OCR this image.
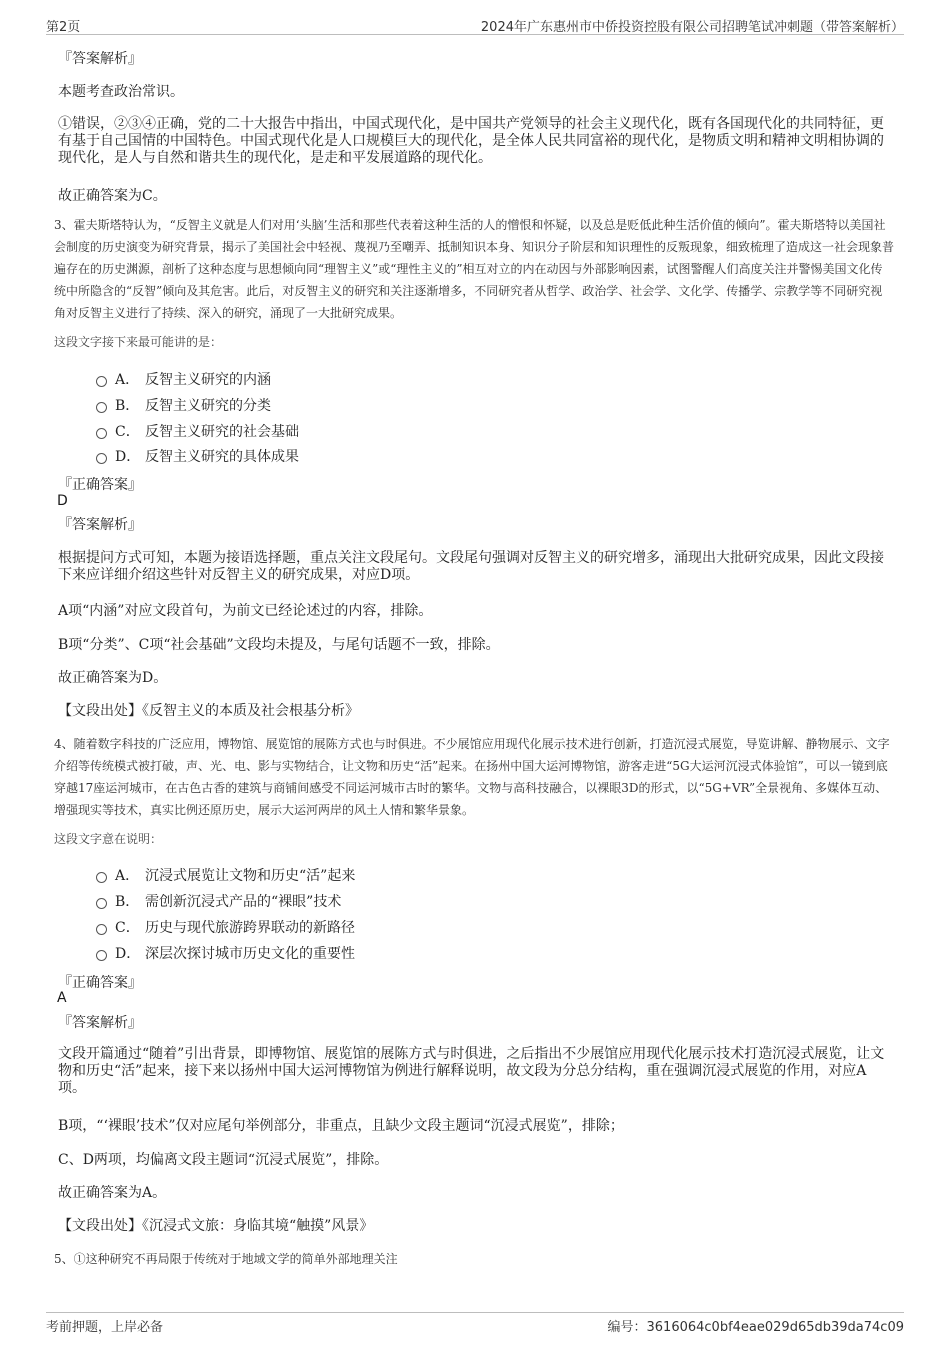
第2页	2024年广东惠州市中侨投资控股有限公司招聘笔试冲刺题（带答案解析）
『答案解析』
本题考查政治常识。
①错误，②③④正确，党的二十大报告中指出，中国式现代化，是中国共产党领导的社会主义现代化，既有各国现代化的共同特征，更有基于自己国情的中国特色。中国式现代化是人口规模巨大的现代化，是全体人民共同富裕的现代化，是物质文明和精神文明相协调的现代化，是人与自然和谐共生的现代化，是走和平发展道路的现代化。
故正确答案为C。
3、霍夫斯塔特认为，“反智主义就是人们对用‘头脑’生活和那些代表着这种生活的人的憎恨和怀疑，以及总是贬低此种生活价值的倾向”。霍夫斯塔特以美国社会制度的历史演变为研究背景，揭示了美国社会中轻视、蔑视乃至嘲弄、抵制知识本身、知识分子阶层和知识理性的反叛现象，细致梳理了造成这一社会现象普遍存在的历史渊源，剖析了这种态度与思想倾向同“理智主义”或“理性主义的”相互对立的内在动因与外部影响因素，试图警醒人们高度关注并警惕美国文化传统中所隐含的“反智”倾向及其危害。此后，对反智主义的研究和关注逐渐增多，不同研究者从哲学、政治学、社会学、文化学、传播学、宗教学等不同研究视角对反智主义进行了持续、深入的研究，涌现了一大批研究成果。
这段文字接下来最可能讲的是：
A． 反智主义研究的内涵
B． 反智主义研究的分类
C． 反智主义研究的社会基础
D． 反智主义研究的具体成果
『正确答案』
D
『答案解析』
根据提问方式可知，本题为接语选择题，重点关注文段尾句。文段尾句强调对反智主义的研究增多，涌现出大批研究成果，因此文段接下来应详细介绍这些针对反智主义的研究成果，对应D项。
A项“内涵”对应文段首句，为前文已经论述过的内容，排除。
B项“分类”、C项“社会基础”文段均未提及，与尾句话题不一致，排除。
故正确答案为D。
【文段出处】《反智主义的本质及社会根基分析》
4、随着数字科技的广泛应用，博物馆、展览馆的展陈方式也与时俱进。不少展馆应用现代化展示技术进行创新，打造沉浸式展览，导览讲解、静物展示、文字介绍等传统模式被打破，声、光、电、影与实物结合，让文物和历史“活”起来。在扬州中国大运河博物馆，游客走进“5G大运河沉浸式体验馆”，可以一镜到底穿越17座运河城市，在古色古香的建筑与商铺间感受不同运河城市古时的繁华。文物与高科技融合，以裸眼3D的形式，以“5G+VR”全景视角、多媒体互动、增强现实等技术，真实比例还原历史，展示大运河两岸的风土人情和繁华景象。
这段文字意在说明：
A． 沉浸式展览让文物和历史“活”起来
B． 需创新沉浸式产品的“裸眼”技术
C． 历史与现代旅游跨界联动的新路径
D． 深层次探讨城市历史文化的重要性
『正确答案』
A
『答案解析』
文段开篇通过“随着”引出背景，即博物馆、展览馆的展陈方式与时俱进，之后指出不少展馆应用现代化展示技术打造沉浸式展览，让文物和历史“活”起来，接下来以扬州中国大运河博物馆为例进行解释说明，故文段为分总分结构，重在强调沉浸式展览的作用，对应A项。
B项，“‘裸眼’技术”仅对应尾句举例部分，非重点，且缺少文段主题词“沉浸式展览”，排除；
C、D两项，均偏离文段主题词“沉浸式展览”，排除。
故正确答案为A。
【文段出处】《沉浸式文旅：身临其境“触摸”风景》
5、①这种研究不再局限于传统对于地域文学的简单外部地理关注
考前押题，上岸必备	编号：3616064c0bf4eae029d65db39da74c09
